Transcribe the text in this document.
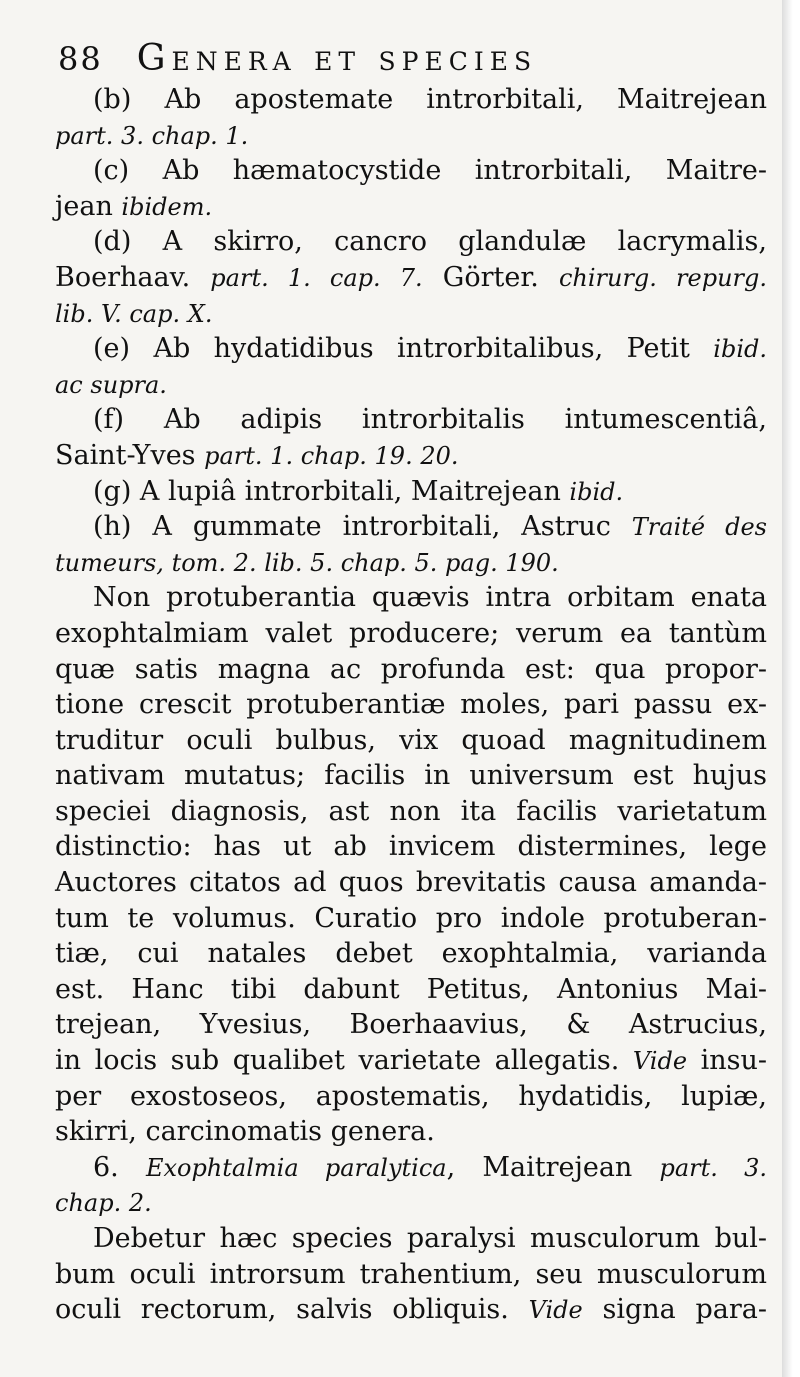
88 Genera et species
(b) Ab apostemate introrbitali, Maitrejean
part. 3. chap. 1.
(c) Ab hæmatocystide introrbitali, Maitre-
jean ibidem.
(d) A skirro, cancro glandulæ lacrymalis,
Boerhaav. part. 1. cap. 7. Görter. chirurg. repurg.
lib. V. cap. X.
(e) Ab hydatidibus introrbitalibus, Petit ibid.
ac supra.
(f) Ab adipis introrbitalis intumescentiâ,
Saint-Yves part. 1. chap. 19. 20.
(g) A lupiâ introrbitali, Maitrejean ibid.
(h) A gummate introrbitali, Astruc Traité des
tumeurs, tom. 2. lib. 5. chap. 5. pag. 190.
Non protuberantia quævis intra orbitam enata
exophtalmiam valet producere; verum ea tantùm
quæ satis magna ac profunda est: qua propor-
tione crescit protuberantiæ moles, pari passu ex-
truditur oculi bulbus, vix quoad magnitudinem
nativam mutatus; facilis in universum est hujus
speciei diagnosis, ast non ita facilis varietatum
distinctio: has ut ab invicem distermines, lege
Auctores citatos ad quos brevitatis causa amanda-
tum te volumus. Curatio pro indole protuberan-
tiæ, cui natales debet exophtalmia, varianda
est. Hanc tibi dabunt Petitus, Antonius Mai-
trejean, Yvesius, Boerhaavius, & Astrucius,
in locis sub qualibet varietate allegatis. Vide insu-
per exostoseos, apostematis, hydatidis, lupiæ,
skirri, carcinomatis genera.
6. Exophtalmia paralytica, Maitrejean part. 3.
chap. 2.
Debetur hæc species paralysi musculorum bul-
bum oculi introrsum trahentium, seu musculorum
oculi rectorum, salvis obliquis. Vide signa para-
